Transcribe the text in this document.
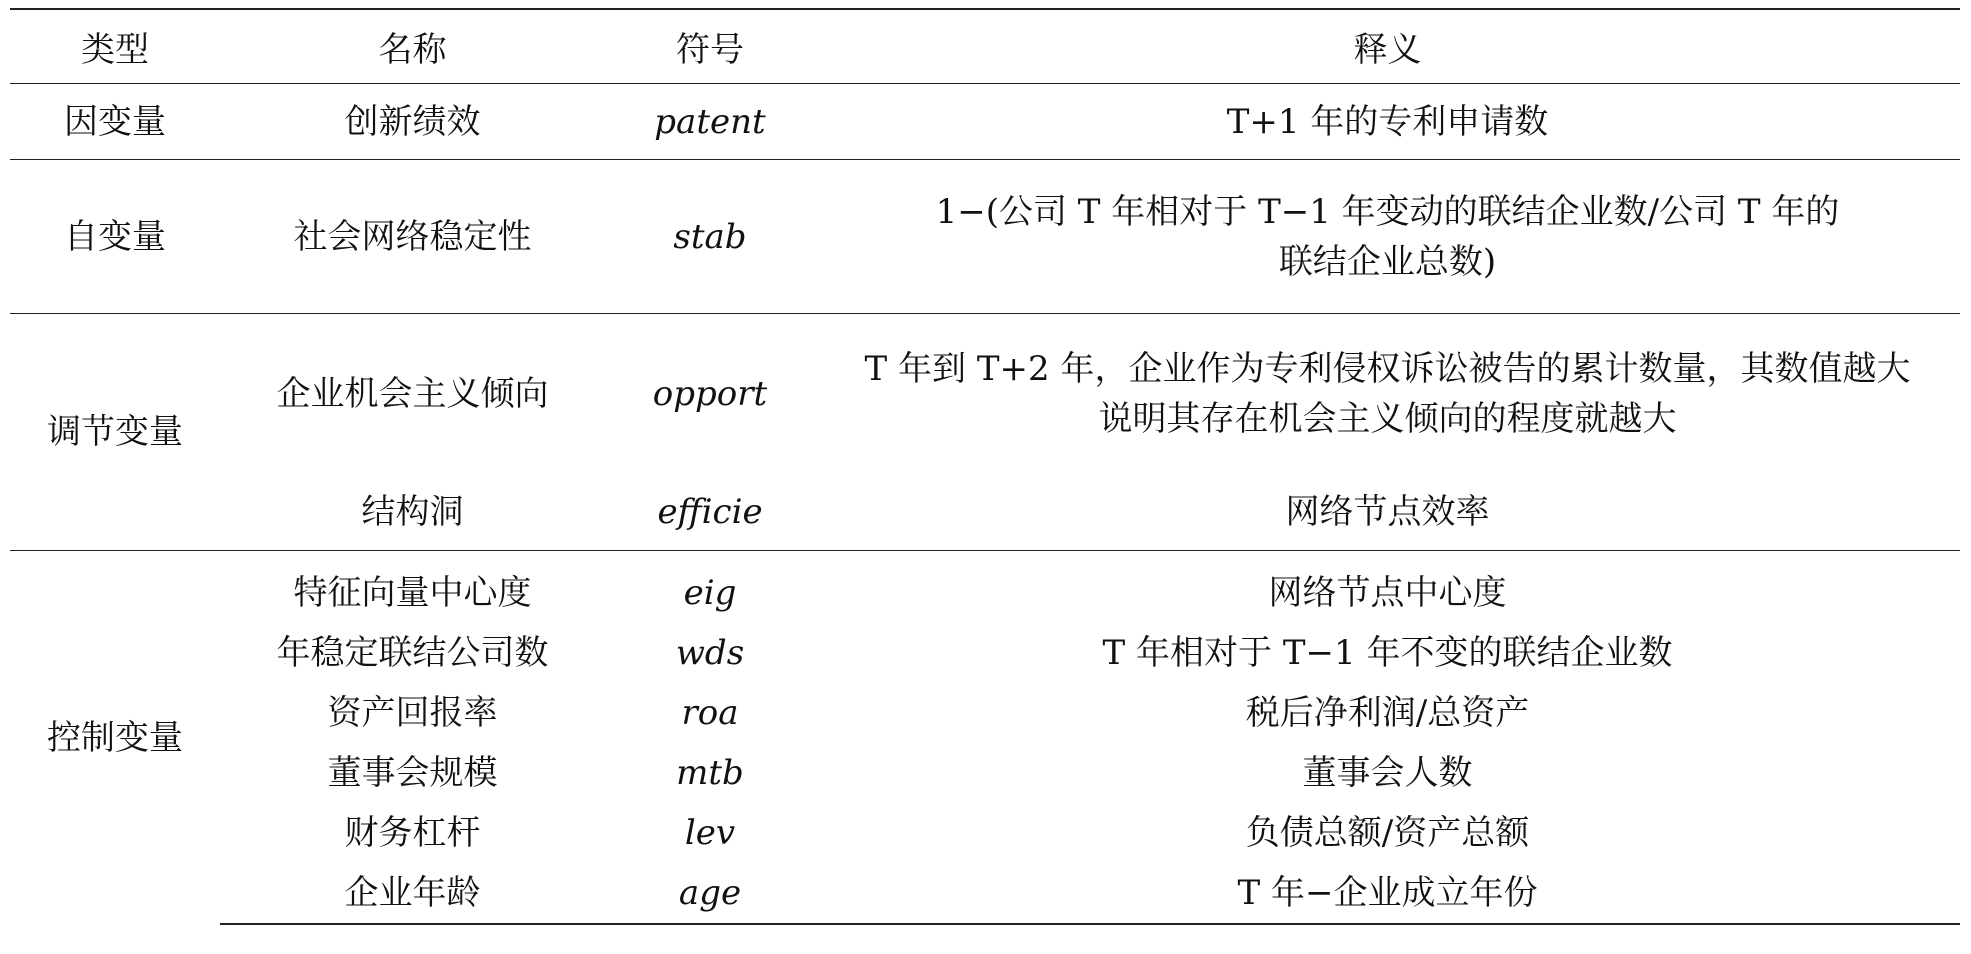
类型	名称	符号	释义
因变量	创新绩效	patent	T+1 年的专利申请数
自变量	社会网络稳定性	stab	1−(公司 T 年相对于 T−1 年变动的联结企业数/公司 T 年的
联结企业总数)

调节变量	企业机会主义倾向	opport	T 年到 T+2 年，企业作为专利侵权诉讼被告的累计数量，其数值越大
说明其存在机会主义倾向的程度就越大

	结构洞	efficie	网络节点效率
控制变量	特征向量中心度	eig	网络节点中心度
	年稳定联结公司数	wds	T 年相对于 T−1 年不变的联结企业数
	资产回报率	roa	税后净利润/总资产
	董事会规模	mtb	董事会人数
	财务杠杆	lev	负债总额/资产总额
	企业年龄	age	T 年−企业成立年份
